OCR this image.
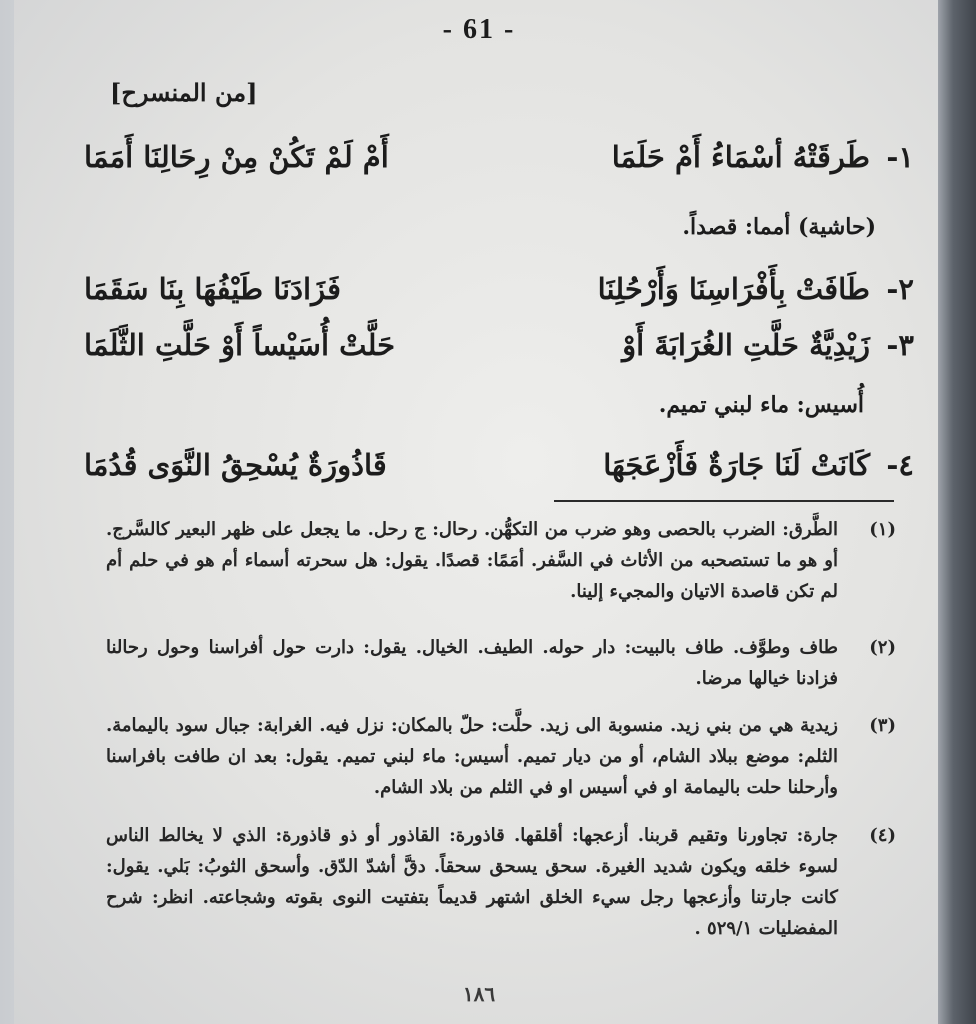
- 61 -
[من المنسرح]
١-
طَرقَتْهُ أسْمَاءُ أَمْ حَلَمَا
أَمْ لَمْ تَكُنْ مِنْ رِحَالِنَا أَمَمَا
(حاشية) أمما: قصداً.
٢-
طَافَتْ بِأَفْرَاسِنَا وَأَرْحُلِنَا
فَزَادَنَا طَيْفُهَا بِنَا سَقَمَا
٣-
زَيْدِيَّةٌ حَلَّتِ الغُرَابَةَ أَوْ
حَلَّتْ أُسَيْساً أَوْ حَلَّتِ الثَّلَمَا
أُسيس: ماء لبني تميم.
٤-
كَانَتْ لَنَا جَارَةٌ فَأَزْعَجَهَا
قَاذُورَةٌ يُسْحِقُ النَّوَى قُدُمَا
(١)
الطَّرق: الضرب بالحصى وهو ضرب من التكهُّن. رحال: ج رحل. ما يجعل على ظهر البعير كالسَّرج. أو هو ما تستصحبه من الأثاث في السَّفر. أمَمًا: قصدًا. يقول: هل سحرته أسماء أم هو في حلم أم لم تكن قاصدة الاتيان والمجيء إلينا.
(٢)
طاف وطوَّف. طاف بالبيت: دار حوله. الطيف. الخيال. يقول: دارت حول أفراسنا وحول رحالنا فزادنا خيالها مرضا.
(٣)
زيدية هي من بني زيد. منسوبة الى زيد. حلَّت: حلّ بالمكان: نزل فيه. الغرابة: جبال سود باليمامة. الثلم: موضع ببلاد الشام، أو من ديار تميم. أسيس: ماء لبني تميم. يقول: بعد ان طافت بافراسنا وأرحلنا حلت باليمامة او في أسيس او في الثلم من بلاد الشام.
(٤)
جارة: تجاورنا وتقيم قربنا. أزعجها: أقلقها. قاذورة: القاذور أو ذو قاذورة: الذي لا يخالط الناس لسوء خلقه ويكون شديد الغيرة. سحق يسحق سحقاً. دقَّ أشدّ الدّق. وأسحق الثوبُ: بَلي. يقول: كانت جارتنا وأزعجها رجل سيء الخلق اشتهر قديماً بتفتيت النوى بقوته وشجاعته. انظر: شرح المفضليات ٥٢٩/١ .
١٨٦
